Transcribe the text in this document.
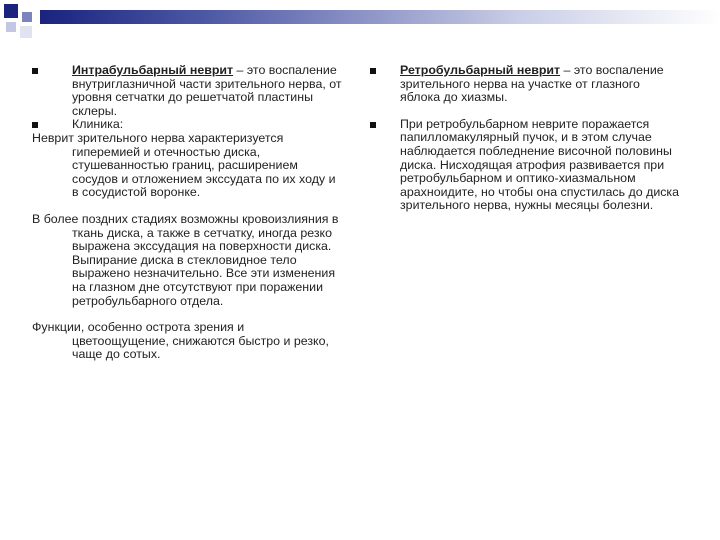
Интрабульбарный неврит – это воспаление внутриглазничной части зрительного нерва, от уровня сетчатки до решетчатой пластины склеры.
Клиника:

Неврит зрительного нерва характеризуется гиперемией и отечностью диска, стушеванностью границ, расширением сосудов и отложением экссудата по их ходу и в сосудистой воронке.

В более поздних стадиях возможны кровоизлияния в ткань диска, а также в сетчатку, иногда резко выражена экссудация на поверхности диска. Выпирание диска в стекловидное тело выражено незначительно. Все эти изменения на глазном дне отсутствуют при поражении ретробульбарного отдела.

Функции, особенно острота зрения и цветоощущение, снижаются быстро и резко, чаще до сотых.

Ретробульбарный неврит – это воспаление зрительного нерва на участке от глазного яблока до хиазмы.
При ретробульбарном неврите поражается папилломакулярный пучок, и в этом случае наблюдается побледнение височной половины диска. Нисходящая атрофия развивается при ретробульбарном и оптико-хиазмальном арахноидите, но чтобы она спустилась до диска зрительного нерва, нужны месяцы болезни.
